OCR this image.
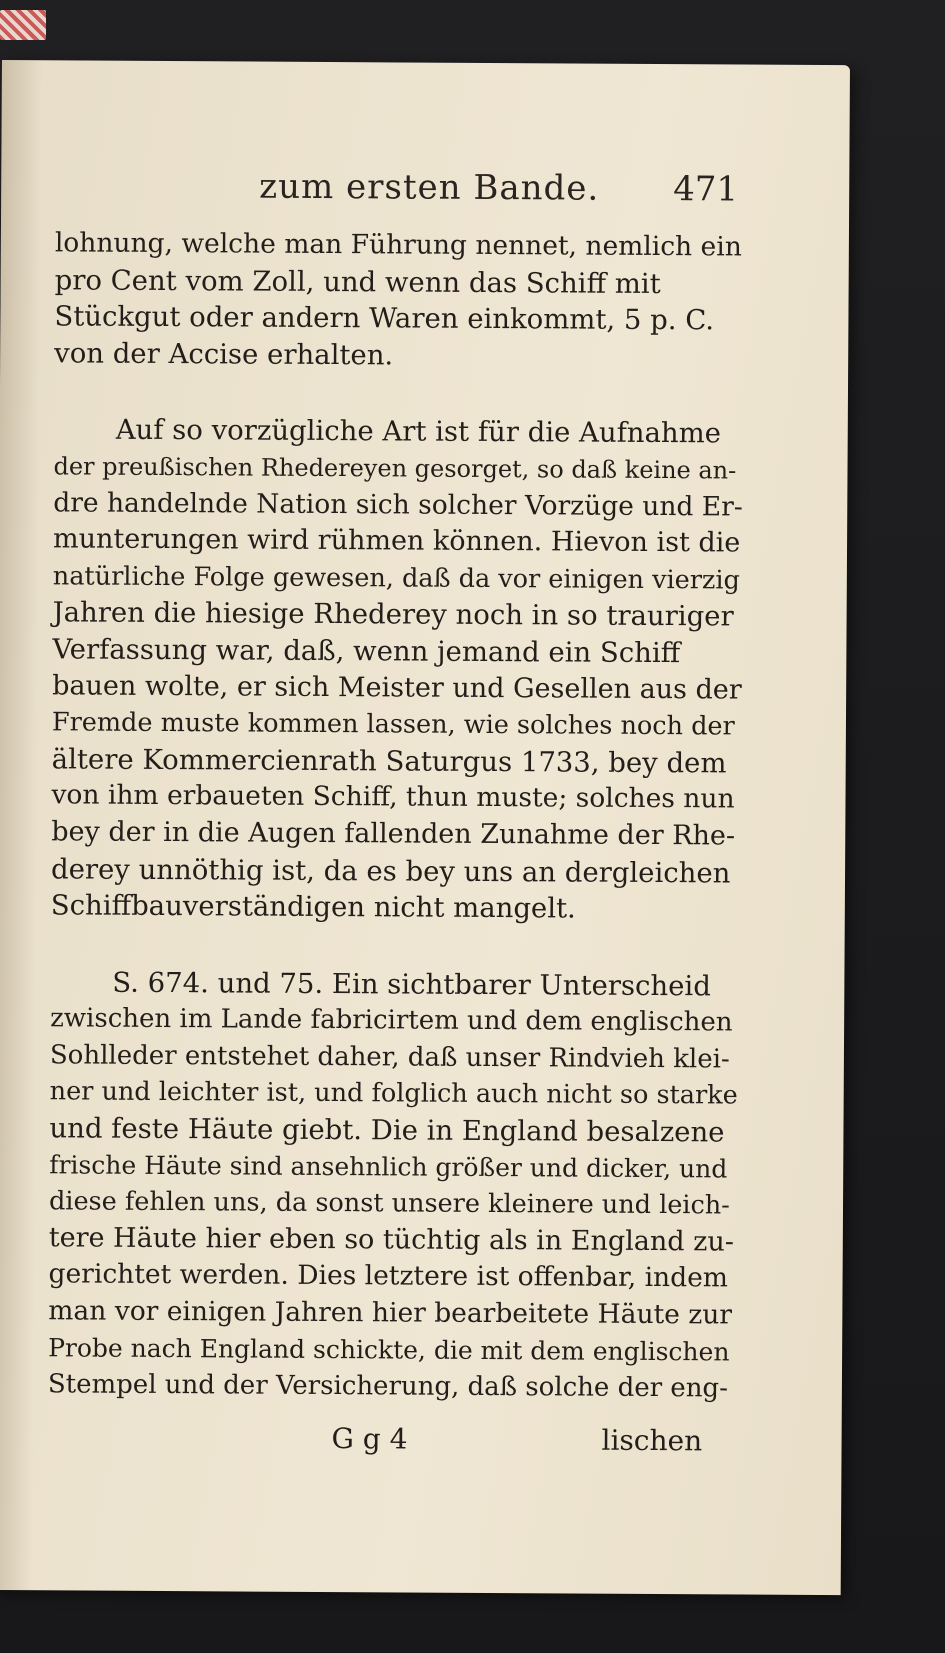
zum ersten Bande. 471
lohnung, welche man Führung nennet, nemlich ein
pro Cent vom Zoll, und wenn das Schiff mit
Stückgut oder andern Waren einkommt, 5 p. C.
von der Accise erhalten.
Auf so vorzügliche Art ist für die Aufnahme
der preußischen Rhedereyen gesorget, so daß keine an-
dre handelnde Nation sich solcher Vorzüge und Er-
munterungen wird rühmen können. Hievon ist die
natürliche Folge gewesen, daß da vor einigen vierzig
Jahren die hiesige Rhederey noch in so trauriger
Verfassung war, daß, wenn jemand ein Schiff
bauen wolte, er sich Meister und Gesellen aus der
Fremde muste kommen lassen, wie solches noch der
ältere Kommercienrath Saturgus 1733, bey dem
von ihm erbaueten Schiff, thun muste; solches nun
bey der in die Augen fallenden Zunahme der Rhe-
derey unnöthig ist, da es bey uns an dergleichen
Schiffbauverständigen nicht mangelt.
S. 674. und 75. Ein sichtbarer Unterscheid
zwischen im Lande fabricirtem und dem englischen
Sohlleder entstehet daher, daß unser Rindvieh klei-
ner und leichter ist, und folglich auch nicht so starke
und feste Häute giebt. Die in England besalzene
frische Häute sind ansehnlich größer und dicker, und
diese fehlen uns, da sonst unsere kleinere und leich-
tere Häute hier eben so tüchtig als in England zu-
gerichtet werden. Dies letztere ist offenbar, indem
man vor einigen Jahren hier bearbeitete Häute zur
Probe nach England schickte, die mit dem englischen
Stempel und der Versicherung, daß solche der eng-
G g 4	lischen
